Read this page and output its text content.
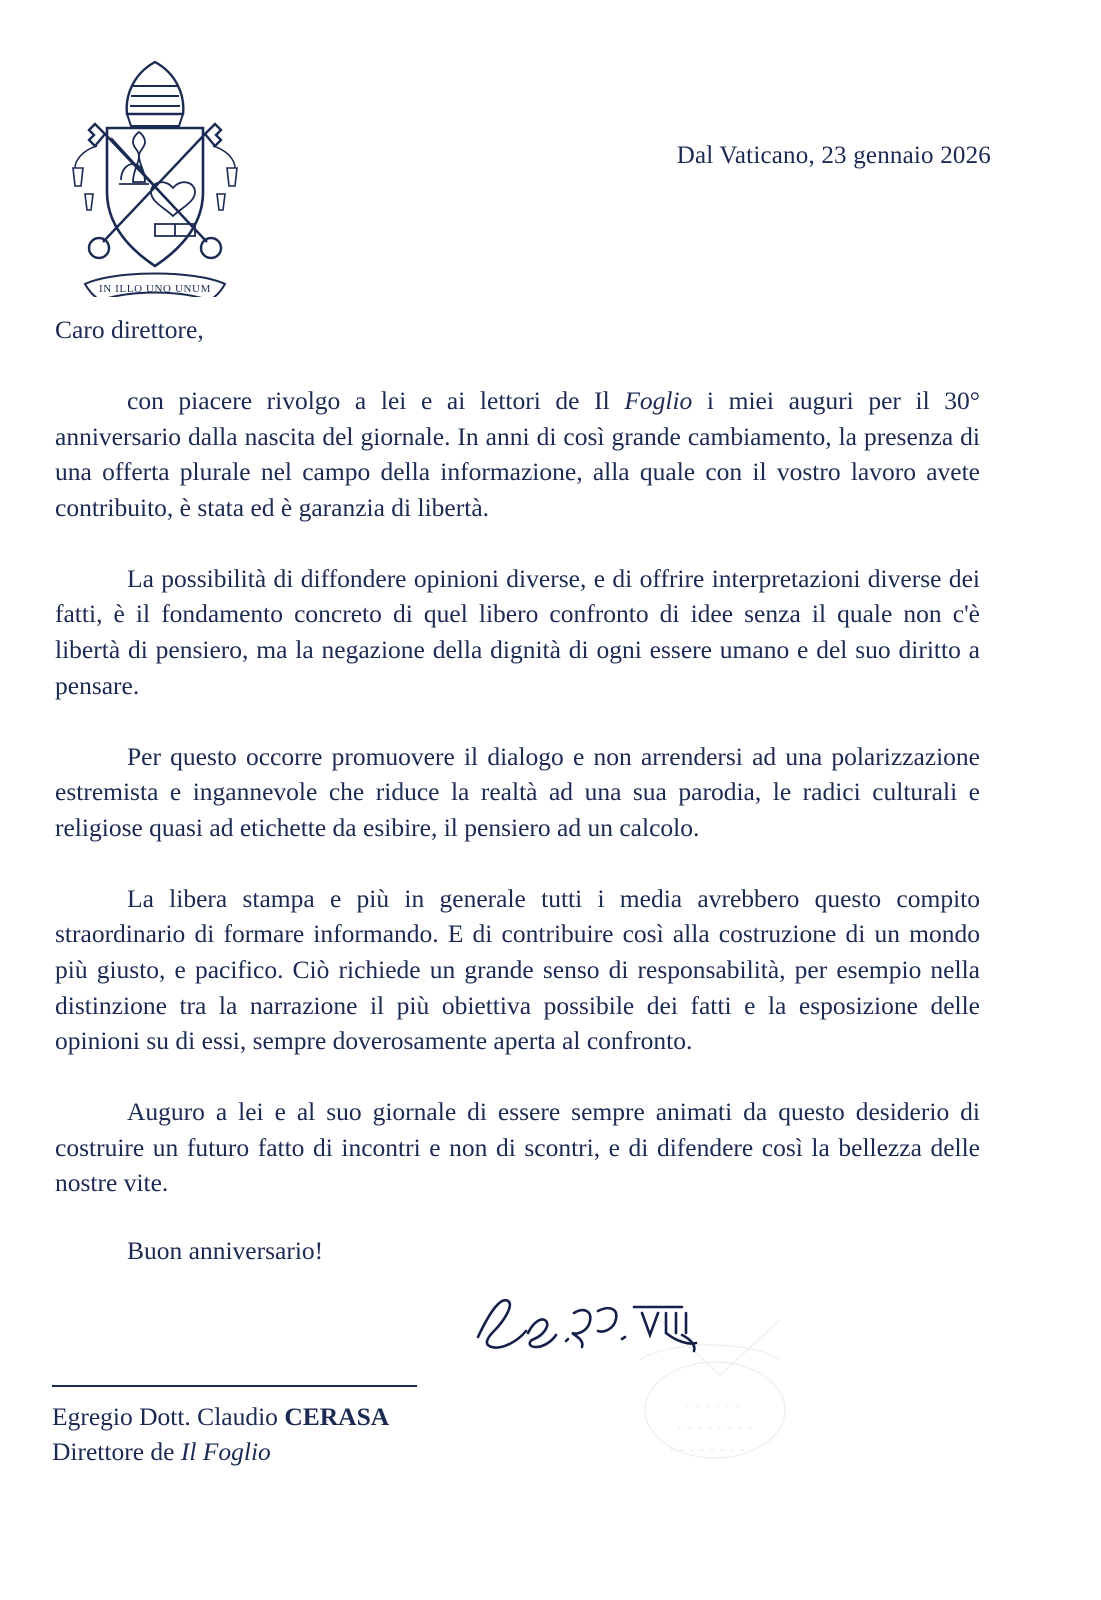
IN ILLO UNO UNUM
Dal Vaticano, 23 gennaio 2026

Caro direttore,

con piacere rivolgo a lei e ai lettori de Il Foglio i miei auguri per il 30° anniversario dalla nascita del giornale. In anni di così grande cambiamento, la presenza di una offerta plurale nel campo della informazione, alla quale con il vostro lavoro avete contribuito, è stata ed è garanzia di libertà.

La possibilità di diffondere opinioni diverse, e di offrire interpretazioni diverse dei fatti, è il fondamento concreto di quel libero confronto di idee senza il quale non c'è libertà di pensiero, ma la negazione della dignità di ogni essere umano e del suo diritto a pensare.

Per questo occorre promuovere il dialogo e non arrendersi ad una polarizzazione estremista e ingannevole che riduce la realtà ad una sua parodia, le radici culturali e religiose quasi ad etichette da esibire, il pensiero ad un calcolo.

La libera stampa e più in generale tutti i media avrebbero questo compito straordinario di formare informando. E di contribuire così alla costruzione di un mondo più giusto, e pacifico. Ciò richiede un grande senso di responsabilità, per esempio nella distinzione tra la narrazione il più obiettiva possibile dei fatti e la esposizione delle opinioni su di essi, sempre doverosamente aperta al confronto.

Auguro a lei e al suo giornale di essere sempre animati da questo desiderio di costruire un futuro fatto di incontri e non di scontri, e di difendere così la bellezza delle nostre vite.

Buon anniversario!

Egregio Dott. Claudio CERASA
Direttore de Il Foglio
